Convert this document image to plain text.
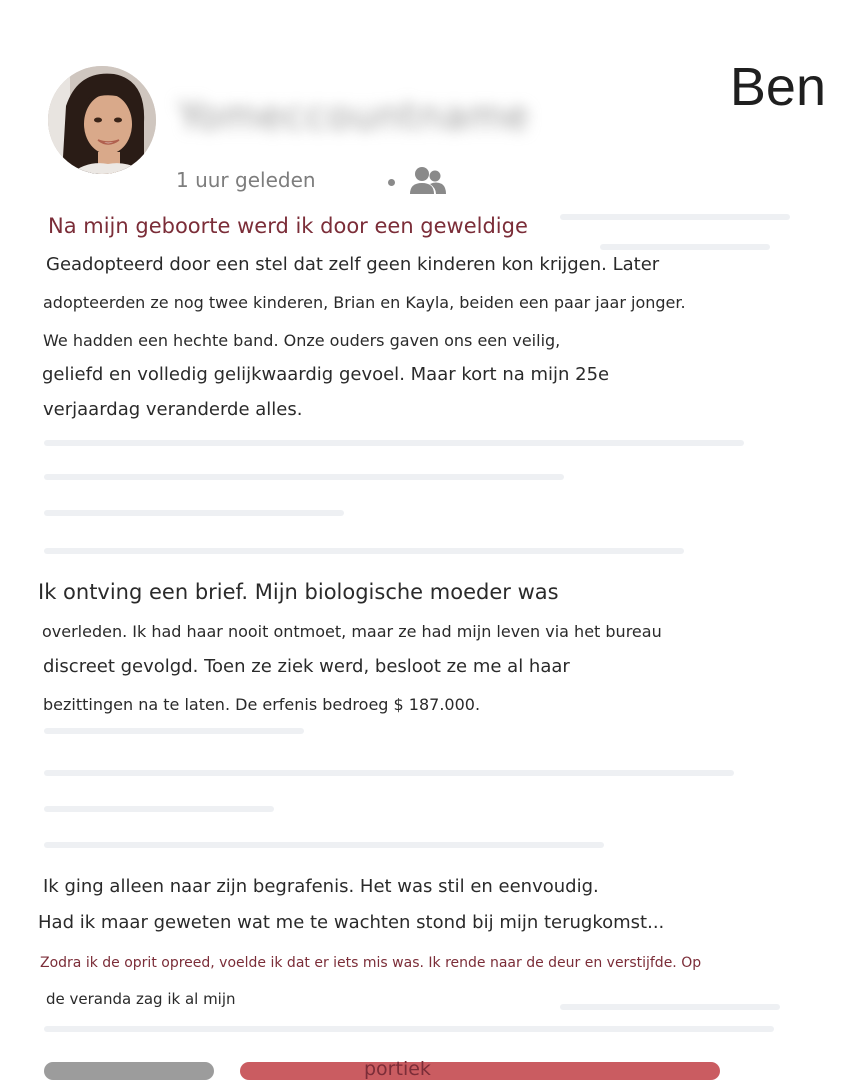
Yomeccountname	Ben
1 uur geleden
Na mijn geboorte werd ik door een geweldige
Geadopteerd door een stel dat zelf geen kinderen kon krijgen. Later
adopteerden ze nog twee kinderen, Brian en Kayla, beiden een paar jaar jonger.
We hadden een hechte band. Onze ouders gaven ons een veilig,
geliefd en volledig gelijkwaardig gevoel. Maar kort na mijn 25e
verjaardag veranderde alles.
Ik ontving een brief. Mijn biologische moeder was
overleden. Ik had haar nooit ontmoet, maar ze had mijn leven via het bureau
discreet gevolgd. Toen ze ziek werd, besloot ze me al haar
bezittingen na te laten. De erfenis bedroeg $ 187.000.
Ik ging alleen naar zijn begrafenis. Het was stil en eenvoudig.
Had ik maar geweten wat me te wachten stond bij mijn terugkomst...
Zodra ik de oprit opreed, voelde ik dat er iets mis was. Ik rende naar de deur en verstijfde. Op
de veranda zag ik al mijn
portiek
